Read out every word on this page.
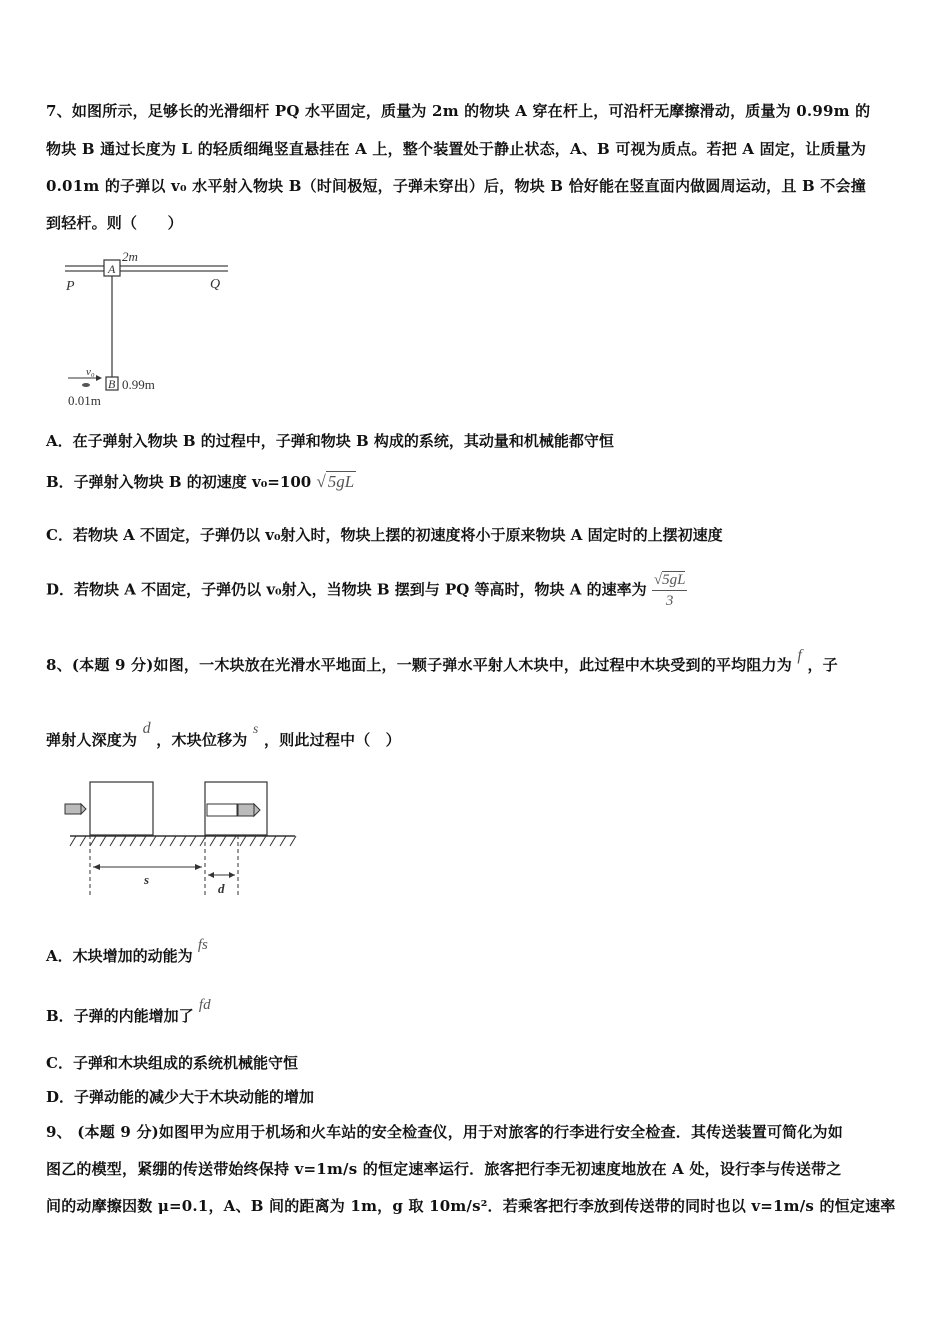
7、如图所示，足够长的光滑细杆 PQ 水平固定，质量为 2m 的物块 A 穿在杆上，可沿杆无摩擦滑动，质量为 0.99m 的
物块 B 通过长度为 L 的轻质细绳竖直悬挂在 A 上，整个装置处于静止状态，A、B 可视为质点。若把 A 固定，让质量为
0.01m 的子弹以 v₀ 水平射入物块 B（时间极短，子弹未穿出）后，物块 B 恰好能在竖直面内做圆周运动，且 B 不会撞
到轻杆。则（　　）
A
2m
P	Q
B 0.99m
v₀
0.01m
A．在子弹射入物块 B 的过程中，子弹和物块 B 构成的系统，其动量和机械能都守恒
B．子弹射入物块 B 的初速度 v₀=100 √ 5gL
C．若物块 A 不固定，子弹仍以 v₀射入时，物块上摆的初速度将小于原来物块 A 固定时的上摆初速度
D．若物块 A 不固定，子弹仍以 v₀射入，当物块 B 摆到与 PQ 等高时，物块 A 的速率为 $\frac{√5gL}{3}$
8、(本题 9 分)如图，一木块放在光滑水平地面上，一颗子弹水平射人木块中，此过程中木块受到的平均阻力为 f ，子
弹射人深度为 d ，木块位移为 s ，则此过程中（　）
s
d
A．木块增加的动能为 fs
B．子弹的内能增加了 fd
C．子弹和木块组成的系统机械能守恒
D．子弹动能的减少大于木块动能的增加
9、 (本题 9 分)如图甲为应用于机场和火车站的安全检查仪，用于对旅客的行李进行安全检查．其传送装置可简化为如
图乙的模型，紧绷的传送带始终保持 v=1m/s 的恒定速率运行．旅客把行李无初速度地放在 A 处，设行李与传送带之
间的动摩擦因数 μ=0.1，A、B 间的距离为 1m，g 取 10m/s²．若乘客把行李放到传送带的同时也以 v=1m/s 的恒定速率
